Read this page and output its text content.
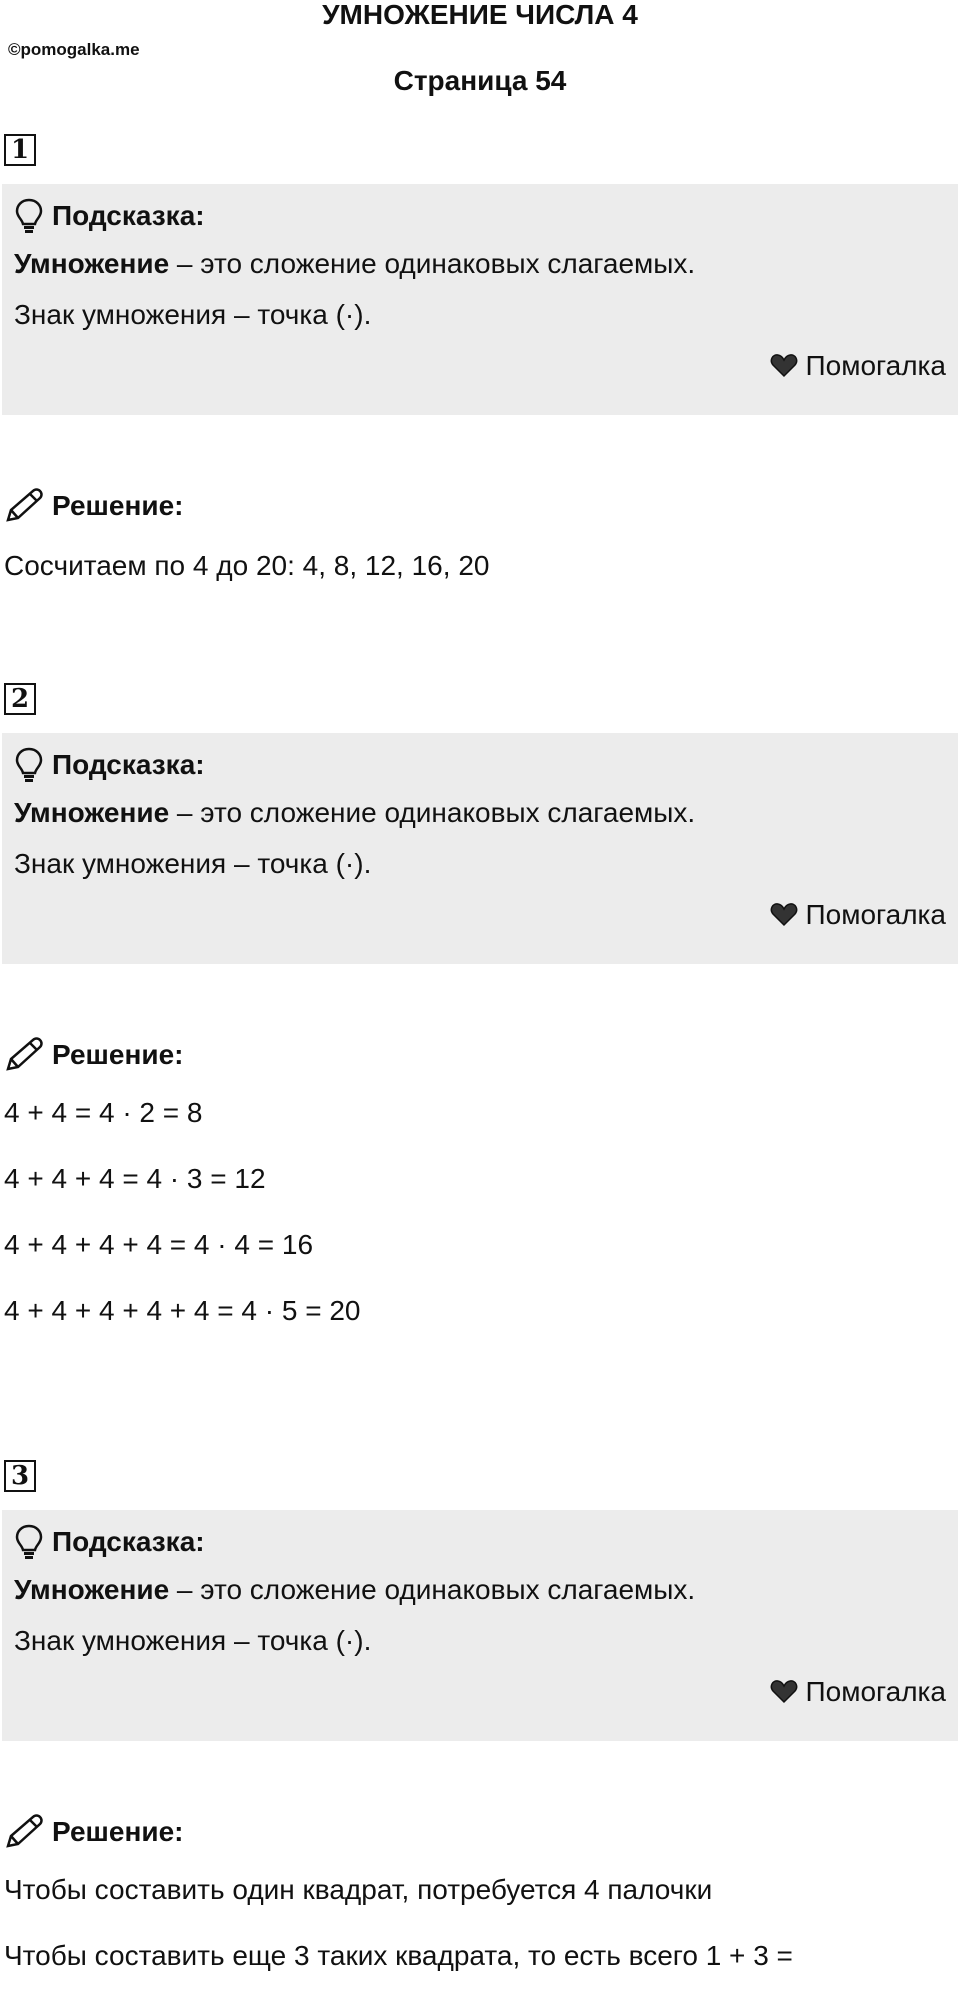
УМНОЖЕНИЕ ЧИСЛА 4
©pomogalka.me
Страница 54
1
Подсказка:
Умножение – это сложение одинаковых слагаемых.
Знак умножения – точка (·).
Помогалка
Решение:
Сосчитаем по 4 до 20: 4, 8, 12, 16, 20
2
Подсказка:
Умножение – это сложение одинаковых слагаемых.
Знак умножения – точка (·).
Помогалка
Решение:
4 + 4 = 4 · 2 = 8
4 + 4 + 4 = 4 · 3 = 12
4 + 4 + 4 + 4 = 4 · 4 = 16
4 + 4 + 4 + 4 + 4 = 4 · 5 = 20
3
Подсказка:
Умножение – это сложение одинаковых слагаемых.
Знак умножения – точка (·).
Помогалка
Решение:
Чтобы составить один квадрат, потребуется 4 палочки
Чтобы составить еще 3 таких квадрата, то есть всего 1 + 3 =
